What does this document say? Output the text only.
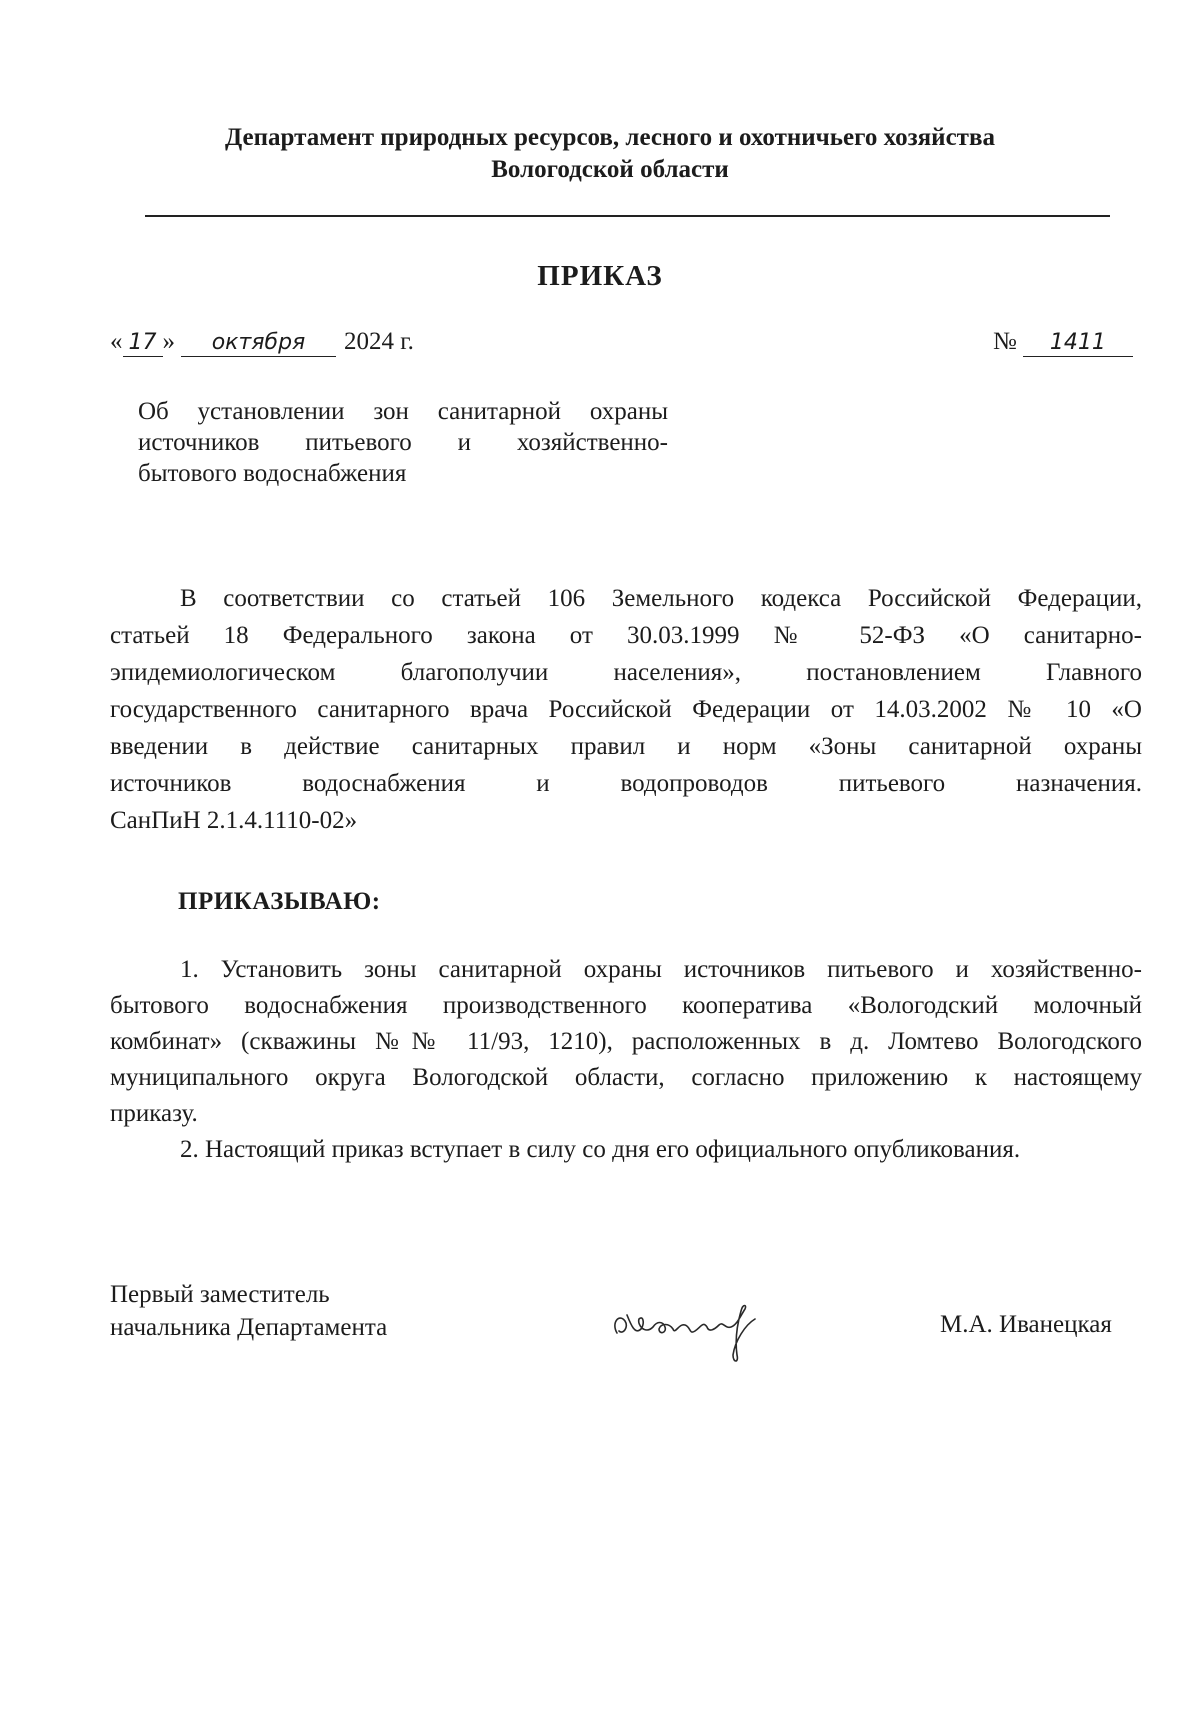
Департамент природных ресурсов, лесного и охотничьего хозяйства
Вологодской области
ПРИКАЗ
« 17 » октября 2024 г.	№ 1411
Об установлении зон санитарной охраны
источников питьевого и хозяйственно-
бытового водоснабжения
В соответствии со статьей 106 Земельного кодекса Российской Федерации,
статьей 18 Федерального закона от 30.03.1999 № 52-ФЗ «О санитарно-
эпидемиологическом благополучии населения», постановлением Главного
государственного санитарного врача Российской Федерации от 14.03.2002 № 10 «О
введении в действие санитарных правил и норм «Зоны санитарной охраны
источников водоснабжения и водопроводов питьевого назначения.
СанПиН 2.1.4.1110-02»
ПРИКАЗЫВАЮ:
1. Установить зоны санитарной охраны источников питьевого и хозяйственно-
бытового водоснабжения производственного кооператива «Вологодский молочный
комбинат» (скважины №№ 11/93, 1210), расположенных в д. Ломтево Вологодского
муниципального округа Вологодской области, согласно приложению к настоящему
приказу.
2. Настоящий приказ вступает в силу со дня его официального опубликования.
Первый заместитель
начальника Департамента	М.А. Иванецкая
